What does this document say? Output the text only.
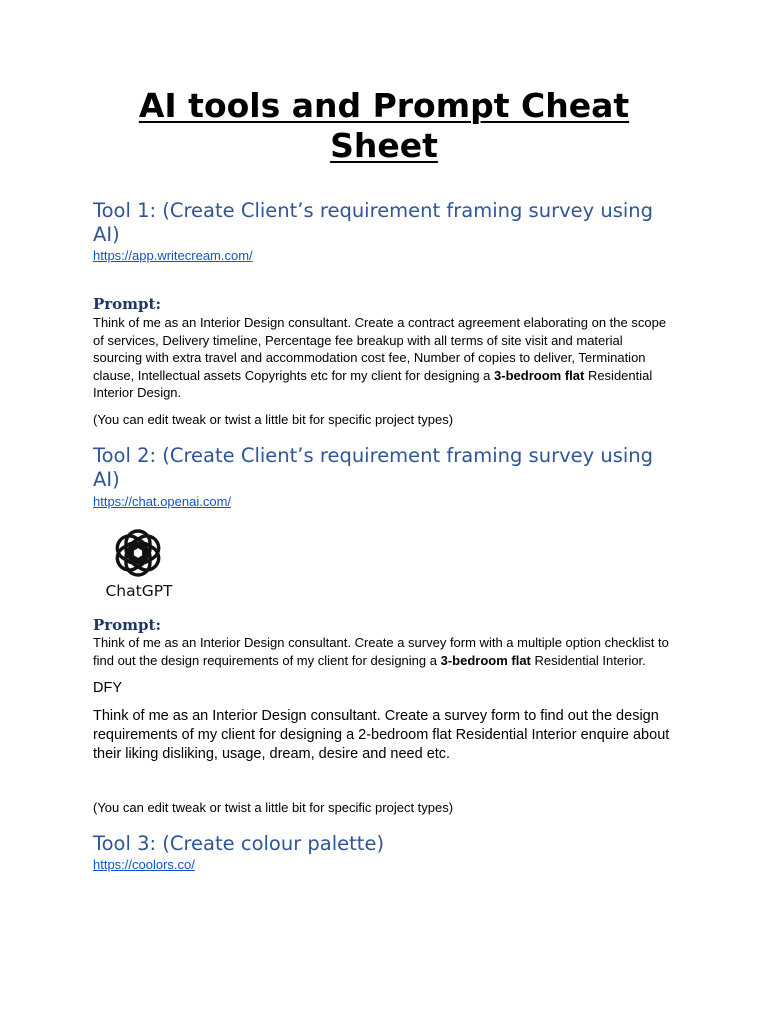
AI tools and Prompt Cheat Sheet
Tool 1: (Create Client’s requirement framing survey using AI)
https://app.writecream.com/

Prompt:

Think of me as an Interior Design consultant. Create a contract agreement elaborating on the scope of services, Delivery timeline, Percentage fee breakup with all terms of site visit and material sourcing with extra travel and accommodation cost fee, Number of copies to deliver, Termination clause, Intellectual assets Copyrights etc for my client for designing a 3-bedroom flat Residential Interior Design.

(You can edit tweak or twist a little bit for specific project types)

Tool 2: (Create Client’s requirement framing survey using AI)
https://chat.openai.com/
ChatGPT

Prompt:

Think of me as an Interior Design consultant. Create a survey form with a multiple option checklist to find out the design requirements of my client for designing a 3-bedroom flat Residential Interior.

DFY

Think of me as an Interior Design consultant. Create a survey form to find out the design requirements of my client for designing a 2-bedroom flat Residential Interior enquire about their liking disliking, usage, dream, desire and need etc.

(You can edit tweak or twist a little bit for specific project types)

Tool 3: (Create colour palette)
https://coolors.co/
